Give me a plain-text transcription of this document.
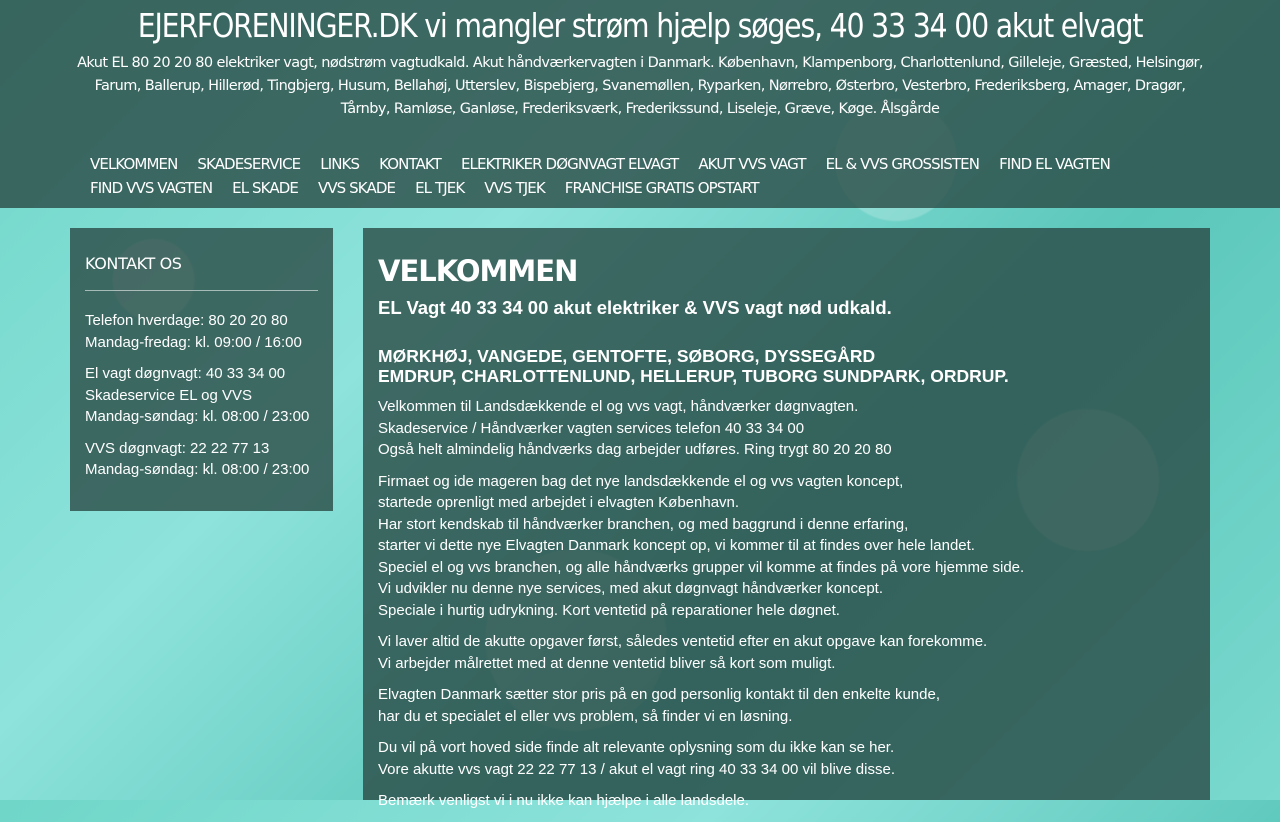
EJERFORENINGER.DK vi mangler strøm hjælp søges, 40 33 34 00 akut elvagt

Akut EL 80 20 20 80 elektriker vagt, nødstrøm vagtudkald. Akut håndværkervagten i Danmark. København, Klampenborg, Charlottenlund, Gilleleje, Græsted, Helsingør, Farum, Ballerup, Hillerød, Tingbjerg, Husum, Bellahøj, Utterslev, Bispebjerg, Svanemøllen, Ryparken, Nørrebro, Østerbro, Vesterbro, Frederiksberg, Amager, Dragør, Tårnby, Ramløse, Ganløse, Frederiksværk, Frederikssund, Liseleje, Græve, Køge. Ålsgårde

VELKOMMEN	SKADESERVICE	LINKS	KONTAKT	ELEKTRIKER DØGNVAGT ELVAGT	AKUT VVS VAGT	EL & VVS GROSSISTEN	FIND EL VAGTEN
FIND VVS VAGTEN	EL SKADE	VVS SKADE	EL TJEK	VVS TJEK	FRANCHISE GRATIS OPSTART
KONTAKT OS

Telefon hverdage: 80 20 20 80
Mandag-fredag: kl. 09:00 / 16:00

El vagt døgnvagt: 40 33 34 00
Skadeservice EL og VVS
Mandag-søndag: kl. 08:00 / 23:00

VVS døgnvagt: 22 22 77 13
Mandag-søndag: kl. 08:00 / 23:00

VELKOMMEN
EL Vagt 40 33 34 00 akut elektriker & VVS vagt nød udkald.
MØRKHØJ, VANGEDE, GENTOFTE, SØBORG, DYSSEGÅRD
EMDRUP, CHARLOTTENLUND, HELLERUP, TUBORG SUNDPARK, ORDRUP.

Velkommen til Landsdækkende el og vvs vagt, håndværker døgnvagten.
Skadeservice / Håndværker vagten services telefon 40 33 34 00
Også helt almindelig håndværks dag arbejder udføres. Ring trygt 80 20 20 80

Firmaet og ide mageren bag det nye landsdækkende el og vvs vagten koncept,
startede oprenligt med arbejdet i elvagten København.
Har stort kendskab til håndværker branchen, og med baggrund i denne erfaring,
starter vi dette nye Elvagten Danmark koncept op, vi kommer til at findes over hele landet.
Speciel el og vvs branchen, og alle håndværks grupper vil komme at findes på vore hjemme side.
Vi udvikler nu denne nye services, med akut døgnvagt håndværker koncept.
Speciale i hurtig udrykning. Kort ventetid på reparationer hele døgnet.

Vi laver altid de akutte opgaver først, således ventetid efter en akut opgave kan forekomme.
Vi arbejder målrettet med at denne ventetid bliver så kort som muligt.

Elvagten Danmark sætter stor pris på en god personlig kontakt til den enkelte kunde,
har du et specialet el eller vvs problem, så finder vi en løsning.

Du vil på vort hoved side finde alt relevante oplysning som du ikke kan se her.
Vore akutte vvs vagt 22 22 77 13 / akut el vagt ring 40 33 34 00 vil blive disse.

Bemærk venligst vi i nu ikke kan hjælpe i alle landsdele.
